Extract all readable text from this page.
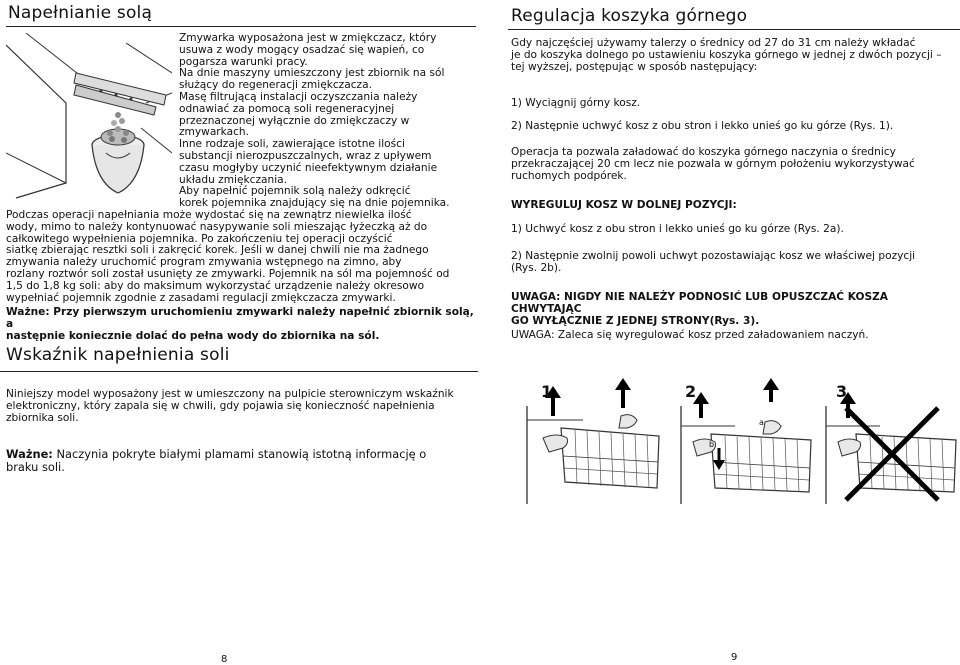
Napełnianie solą

Zmywarka wyposażona jest w zmiękczacz, który

usuwa z wody mogący osadzać się wapień, co

pogarsza warunki pracy.

Na dnie maszyny umieszczony jest zbiornik na sól

służący do regeneracji zmiękczacza.

Masę filtrującą instalacji oczyszczania należy

odnawiać za pomocą soli regeneracyjnej

przeznaczonej wyłącznie do zmiękczaczy w

zmywarkach.

Inne rodzaje soli, zawierające istotne ilości

substancji nierozpuszczalnych, wraz z upływem

czasu mogłyby uczynić nieefektywnym działanie

układu zmiękczania.

Aby napełnić pojemnik solą należy odkręcić

korek pojemnika znajdujący się na dnie pojemnika.

Podczas operacji napełniania może wydostać się na zewnątrz niewielka ilość

wody, mimo to należy kontynuować nasypywanie soli mieszając łyżeczką aż do

całkowitego wypełnienia pojemnika. Po zakończeniu tej operacji oczyścić

siatkę zbierając resztki soli i zakręcić korek. Jeśli w danej chwili nie ma żadnego

zmywania należy uruchomić program zmywania wstępnego na zimno, aby

rozlany roztwór soli został usunięty ze zmywarki. Pojemnik na sól ma pojemność od

1,5 do 1,8 kg soli: aby do maksimum wykorzystać urządzenie należy okresowo

wypełniać pojemnik zgodnie z zasadami regulacji zmiękczacza zmywarki.

Ważne: Przy pierwszym uruchomieniu zmywarki należy napełnić zbiornik solą, a

następnie koniecznie dolać do pełna wody do zbiornika na sól.

Wskaźnik napełnienia soli

Niniejszy model wyposażony jest w umieszczony na pulpicie sterowniczym wskaźnik

elektroniczny, który zapala się w chwili, gdy pojawia się konieczność napełnienia

zbiornika soli.

Ważne: Naczynia pokryte białymi plamami stanowią istotną informację o

braku soli.

8
Regulacja koszyka górnego

Gdy najczęściej używamy talerzy o średnicy od 27 do 31 cm należy wkładać

je do koszyka dolnego po ustawieniu koszyka górnego w jednej z dwóch pozycji –

tej wyższej, postępując w sposób następujący:

1) Wyciągnij górny kosz.
2) Następnie uchwyć kosz z obu stron i lekko unieś go ku górze (Rys. 1).

Operacja ta pozwala załadować do koszyka górnego naczynia o średnicy

przekraczającej 20 cm lecz nie pozwala w górnym położeniu wykorzystywać

ruchomych podpórek.

WYREGULUJ KOSZ W DOLNEJ POZYCJI:
1) Uchwyć kosz z obu stron i lekko unieś go ku górze (Rys. 2a).

2) Następnie zwolnij powoli uchwyt pozostawiając kosz we właściwej pozycji

(Rys. 2b).

UWAGA: NIGDY NIE NALEŻY PODNOSIĆ LUB OPUSZCZAĆ KOSZA CHWYTAJĄC

GO WYŁĄCZNIE Z JEDNEJ STRONY(Rys. 3).

UWAGA: Zaleca się wyregulować kosz przed załadowaniem naczyń.
1	2
a
b
3
9
